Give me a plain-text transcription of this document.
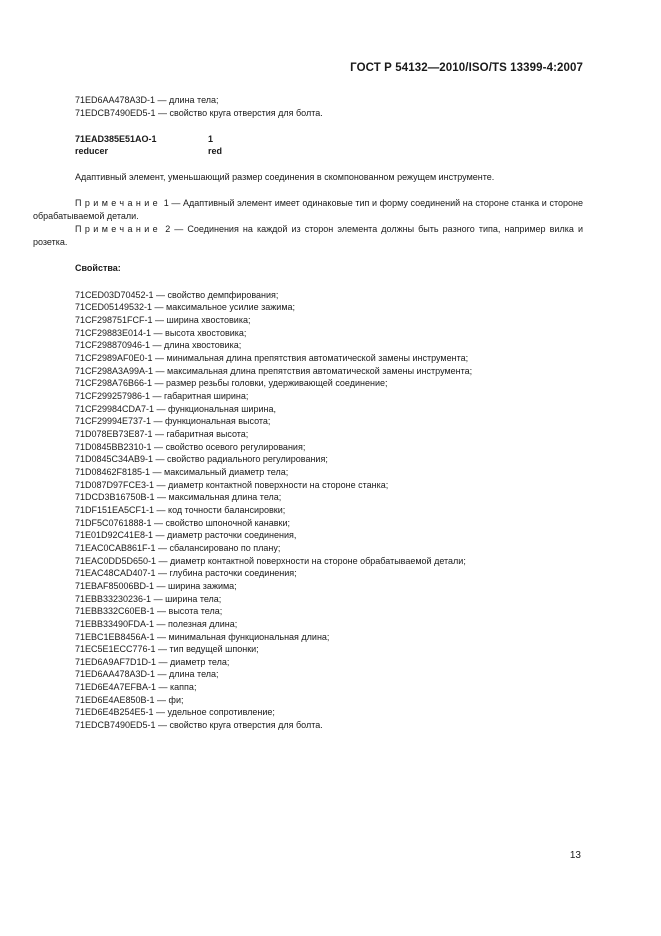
ГОСТ Р 54132—2010/ISO/TS 13399-4:2007
71ED6AA478A3D-1 — длина тела;
71EDCB7490ED5-1 — свойство круга отверстия для болта.
71EAD385E51AO-1	1
reducer	red
Адаптивный элемент, уменьшающий размер соединения в скомпонованном режущем инструменте.
Примечание 1 — Адаптивный элемент имеет одинаковые тип и форму соединений на стороне станка и стороне обрабатываемой детали.
Примечание 2 — Соединения на каждой из сторон элемента должны быть разного типа, например вилка и розетка.
Свойства:
71CED03D70452-1 — свойство демпфирования;
71CED05149532-1 — максимальное усилие зажима;
71CF298751FCF-1 — ширина хвостовика;
71CF29883E014-1 — высота хвостовика;
71CF298870946-1 — длина хвостовика;
71CF2989AF0E0-1 — минимальная длина препятствия автоматической замены инструмента;
71CF298A3A99A-1 — максимальная длина препятствия автоматической замены инструмента;
71CF298A76B66-1 — размер резьбы головки, удерживающей соединение;
71CF299257986-1 — габаритная ширина;
71CF29984CDA7-1 — функциональная ширина,
71CF29994E737-1 — функциональная высота;
71D078EB73E87-1 — габаритная высота;
71D0845BB2310-1 — свойство осевого регулирования;
71D0845C34AB9-1 — свойство радиального регулирования;
71D08462F8185-1 — максимальный диаметр тела;
71D087D97FCE3-1 — диаметр контактной поверхности на стороне станка;
71DCD3B16750B-1 — максимальная длина тела;
71DF151EA5CF1-1 — код точности балансировки;
71DF5C0761888-1 — свойство шпоночной канавки;
71E01D92C41E8-1 — диаметр расточки соединения,
71EAC0CAB861F-1 — сбалансировано по плану;
71EAC0DD5D650-1 — диаметр контактной поверхности на стороне обрабатываемой детали;
71EAC48CAD407-1 — глубина расточки соединения;
71EBAF85006BD-1 — ширина зажима;
71EBB33230236-1 — ширина тела;
71EBB332C60EB-1 — высота тела;
71EBB33490FDA-1 — полезная длина;
71EBC1EB8456A-1 — минимальная функциональная длина;
71EC5E1ECC776-1 — тип ведущей шпонки;
71ED6A9AF7D1D-1 — диаметр тела;
71ED6AA478A3D-1 — длина тела;
71ED6E4A7EFBA-1 — каппа;
71ED6E4AE850B-1 — фи;
71ED6E4B254E5-1 — удельное сопротивление;
71EDCB7490ED5-1 — свойство круга отверстия для болта.
13
